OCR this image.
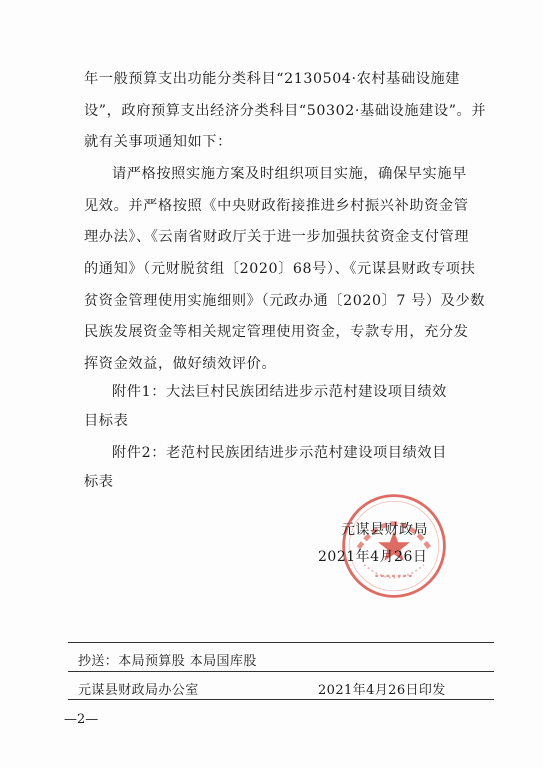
年一般预算支出功能分类科目“2130504·农村基础设施建
设”，政府预算支出经济分类科目“50302·基础设施建设”。并
就有关事项通知如下：
请严格按照实施方案及时组织项目实施，确保早实施早
见效。并严格按照《中央财政衔接推进乡村振兴补助资金管
理办法》、《云南省财政厅关于进一步加强扶贫资金支付管理
的通知》（元财脱贫组〔2020〕68号）、《元谋县财政专项扶
贫资金管理使用实施细则》（元政办通〔2020〕7 号）及少数
民族发展资金等相关规定管理使用资金，专款专用，充分发
挥资金效益，做好绩效评价。
附件1：大法巨村民族团结进步示范村建设项目绩效
目标表
附件2：老范村民族团结进步示范村建设项目绩效目
标表
元谋县财政局
2021年4月26日
抄送：本局预算股 本局国库股
元谋县财政局办公室	2021年4月26日印发
—2—
